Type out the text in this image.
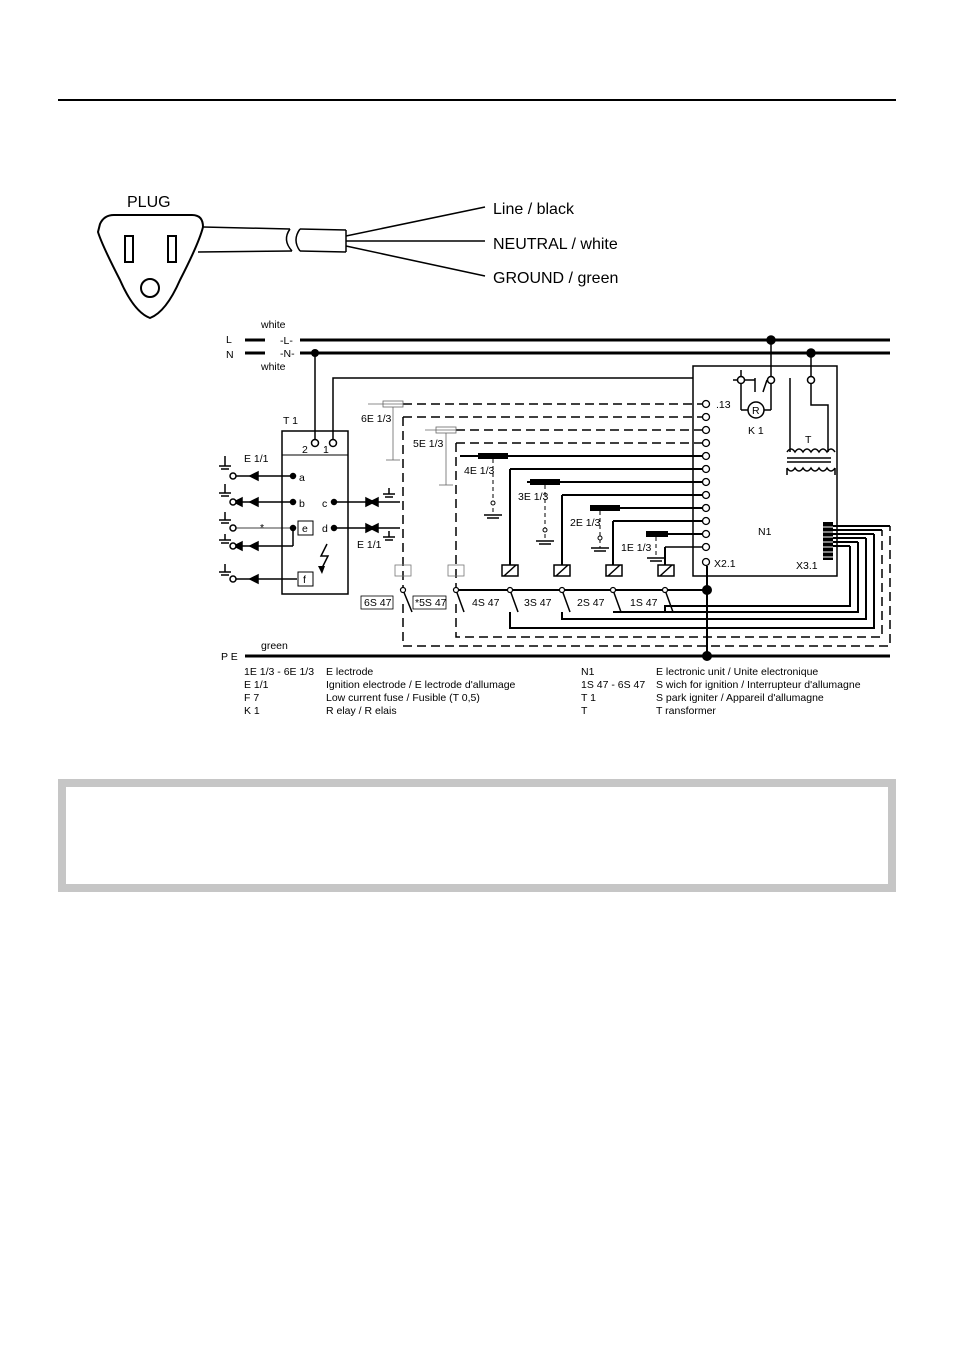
PLUG	Line / black
NEUTRAL / white
GROUND / green
L
N
P E
white
white
-L-
-N-
green
T 1
2 1
a
b c
d
e
f
E 1/1
E 1/1
*
6E 1/3
5E 1/3
4E 1/3
3E 1/3
2E 1/3
1E 1/3
6S 47 *5S 47 4S 47 3S 47 2S 47 1S 47
.13
X2.1
N1
X3.1
R
K 1
T
1E 1/3 - 6E 1/3 E lectrode
E 1/1	Ignition electrode / E lectrode d'allumage
F 7	Low current fuse / Fusible (T 0,5)
K 1	R elay / R elais
N1	E lectronic unit / Unite electronique
1S 47 - 6S 47 S wich for ignition / Interrupteur d'allumagne
T 1	S park igniter / Appareil d'allumagne
T	T ransformer
